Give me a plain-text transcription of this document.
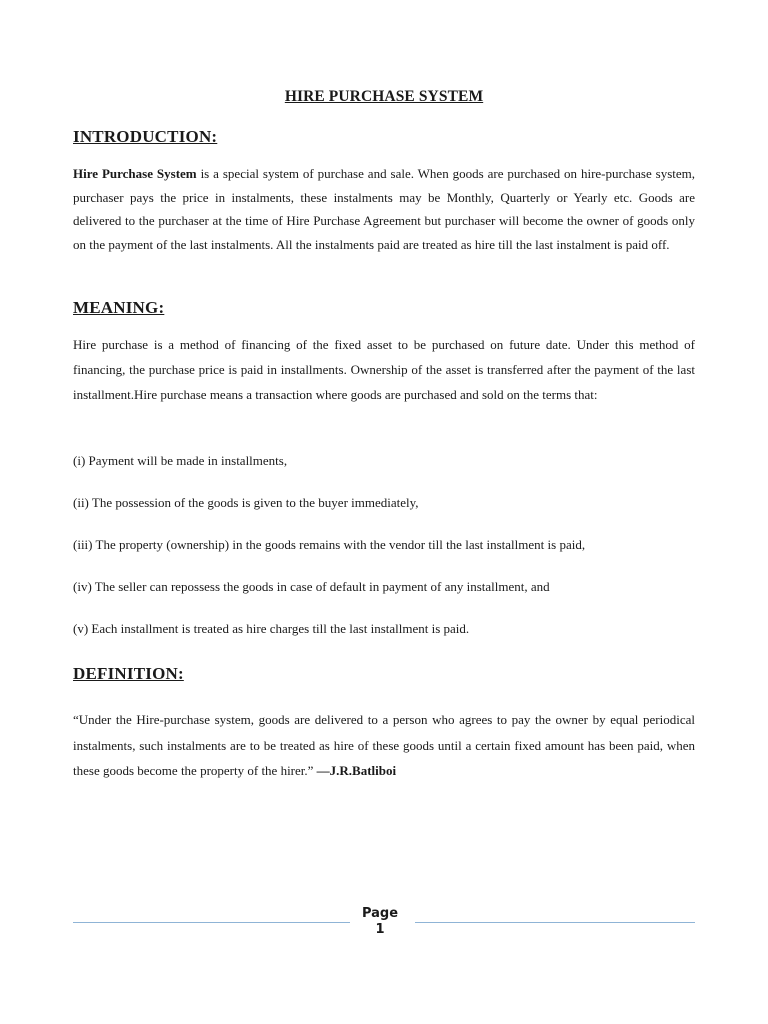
HIRE PURCHASE SYSTEM
INTRODUCTION:

Hire Purchase System is a special system of purchase and sale. When goods are purchased on hire-purchase system, purchaser pays the price in instalments, these instalments may be Monthly, Quarterly or Yearly etc. Goods are delivered to the purchaser at the time of Hire Purchase Agreement but purchaser will become the owner of goods only on the payment of the last instalments. All the instalments paid are treated as hire till the last instalment is paid off.

MEANING:

Hire purchase is a method of financing of the fixed asset to be purchased on future date. Under this method of financing, the purchase price is paid in installments. Ownership of the asset is transferred after the payment of the last installment.Hire purchase means a transaction where goods are purchased and sold on the terms that:

(i) Payment will be made in installments,
(ii) The possession of the goods is given to the buyer immediately,
(iii) The property (ownership) in the goods remains with the vendor till the last installment is paid,
(iv) The seller can repossess the goods in case of default in payment of any installment, and
(v) Each installment is treated as hire charges till the last installment is paid.
DEFINITION:

“Under the Hire-purchase system, goods are delivered to a person who agrees to pay the owner by equal periodical instalments, such instalments are to be treated as hire of these goods until a certain fixed amount has been paid, when these goods become the property of the hirer.” —J.R.Batliboi

Page
1
